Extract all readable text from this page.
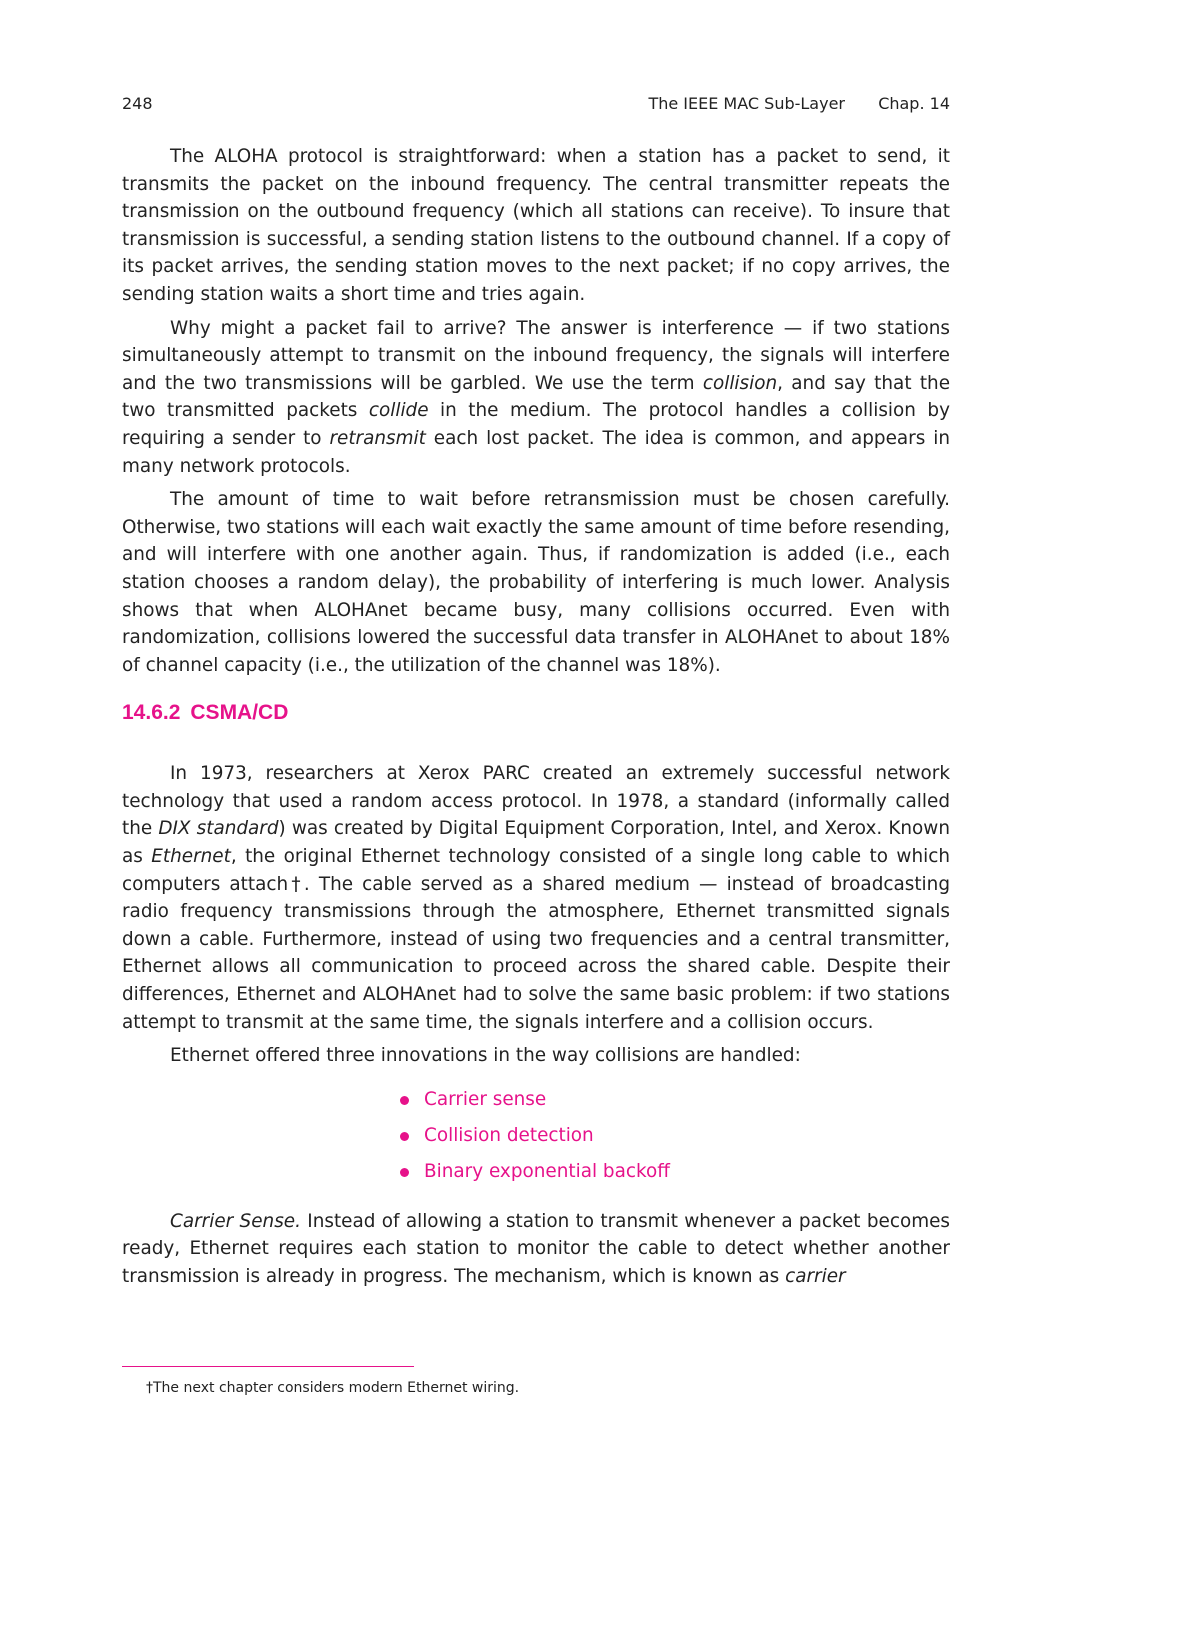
248	The IEEE MAC Sub-Layer Chap. 14

The ALOHA protocol is straightforward: when a station has a packet to send, it transmits the packet on the inbound frequency. The central transmitter repeats the transmission on the outbound frequency (which all stations can receive). To insure that transmission is successful, a sending station listens to the outbound channel. If a copy of its packet arrives, the sending station moves to the next packet; if no copy arrives, the sending station waits a short time and tries again.

Why might a packet fail to arrive? The answer is interference — if two stations simultaneously attempt to transmit on the inbound frequency, the signals will interfere and the two transmissions will be garbled. We use the term collision, and say that the two transmitted packets collide in the medium. The protocol handles a collision by requiring a sender to retransmit each lost packet. The idea is common, and appears in many network protocols.

The amount of time to wait before retransmission must be chosen carefully. Otherwise, two stations will each wait exactly the same amount of time before resending, and will interfere with one another again. Thus, if randomization is added (i.e., each station chooses a random delay), the probability of interfering is much lower. Analysis shows that when ALOHAnet became busy, many collisions occurred. Even with randomization, collisions lowered the successful data transfer in ALOHAnet to about 18% of channel capacity (i.e., the utilization of the channel was 18%).

14.6.2 CSMA/CD

In 1973, researchers at Xerox PARC created an extremely successful network technology that used a random access protocol. In 1978, a standard (informally called the DIX standard) was created by Digital Equipment Corporation, Intel, and Xerox. Known as Ethernet, the original Ethernet technology consisted of a single long cable to which computers attach†. The cable served as a shared medium — instead of broadcasting radio frequency transmissions through the atmosphere, Ethernet transmitted signals down a cable. Furthermore, instead of using two frequencies and a central transmitter, Ethernet allows all communication to proceed across the shared cable. Despite their differences, Ethernet and ALOHAnet had to solve the same basic problem: if two stations attempt to transmit at the same time, the signals interfere and a collision occurs.

Ethernet offered three innovations in the way collisions are handled:

Carrier sense
Collision detection
Binary exponential backoff

Carrier Sense. Instead of allowing a station to transmit whenever a packet becomes ready, Ethernet requires each station to monitor the cable to detect whether another transmission is already in progress. The mechanism, which is known as carrier

†The next chapter considers modern Ethernet wiring.
